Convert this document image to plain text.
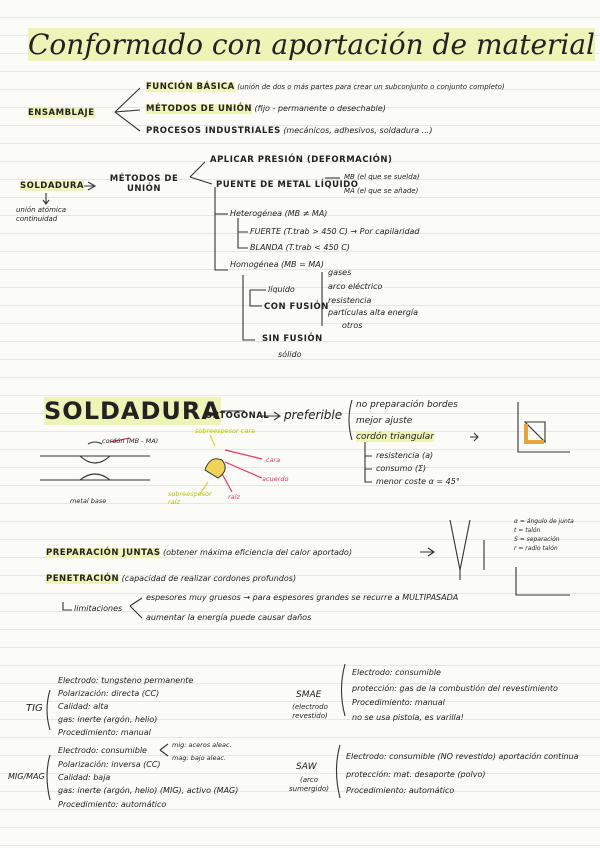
Conformado con aportación de material
ENSAMBLAJE
FUNCIÓN BÁSICA (unión de dos o más partes para crear un subconjunto o conjunto completo)
MÉTODOS DE UNIÓN (fijo - permanente o desechable)
PROCESOS INDUSTRIALES (mecánicos, adhesivos, soldadura ...)
SOLDADURA
unión atómica continuidad
MÉTODOS DE UNIÓN
APLICAR PRESIÓN (DEFORMACIÓN)
PUENTE DE METAL LÍQUIDO
MB (el que se suelda)
MA (el que se añade)
Heterogénea (MB ≠ MA)
FUERTE (T.trab > 450 C) → Por capilaridad
BLANDA (T.trab < 450 C)
Homogénea (MB = MA)
líquido
CON FUSIÓN
gases
arco eléctrico
resistencia
partículas alta energía
otros
SIN FUSIÓN
sólido
SOLDADURA
cordón (MB - MA)
metal base
sobreespesor cara
cara
acuerdo
sobreespesor raíz
raíz
ORTOGONAL preferible
no preparación bordes
mejor ajuste
cordón triangular
resistencia (a)
consumo (Σ)
menor coste α = 45°
PREPARACIÓN JUNTAS (obtener máxima eficiencia del calor aportado)
α = ángulo de junta
t = talón
S = separación
r = radio talón
PENETRACIÓN (capacidad de realizar cordones profundos)
limitaciones
espesores muy gruesos → para espesores grandes se recurre a MULTIPASADA
aumentar la energía puede causar daños
TIG
Electrodo: tungsteno permanente
Polarización: directa (CC)
Calidad: alta
gas: inerte (argón, helio)
Procedimiento: manual
SMAE
(electrodo revestido)
Electrodo: consumible
protección: gas de la combustión del revestimiento
Procedimiento: manual
no se usa pistola, es varilla!
MIG/MAG
Electrodo: consumible
mig: aceros aleac.
mag: bajo aleac.
Polarización: inversa (CC)
Calidad: baja
gas: inerte (argón, helio) (MIG), activo (MAG)
Procedimiento: automático
SAW
(arco sumergido)
Electrodo: consumible (NO revestido) aportación continua
protección: mat. desaporte (polvo)
Procedimiento: automático
